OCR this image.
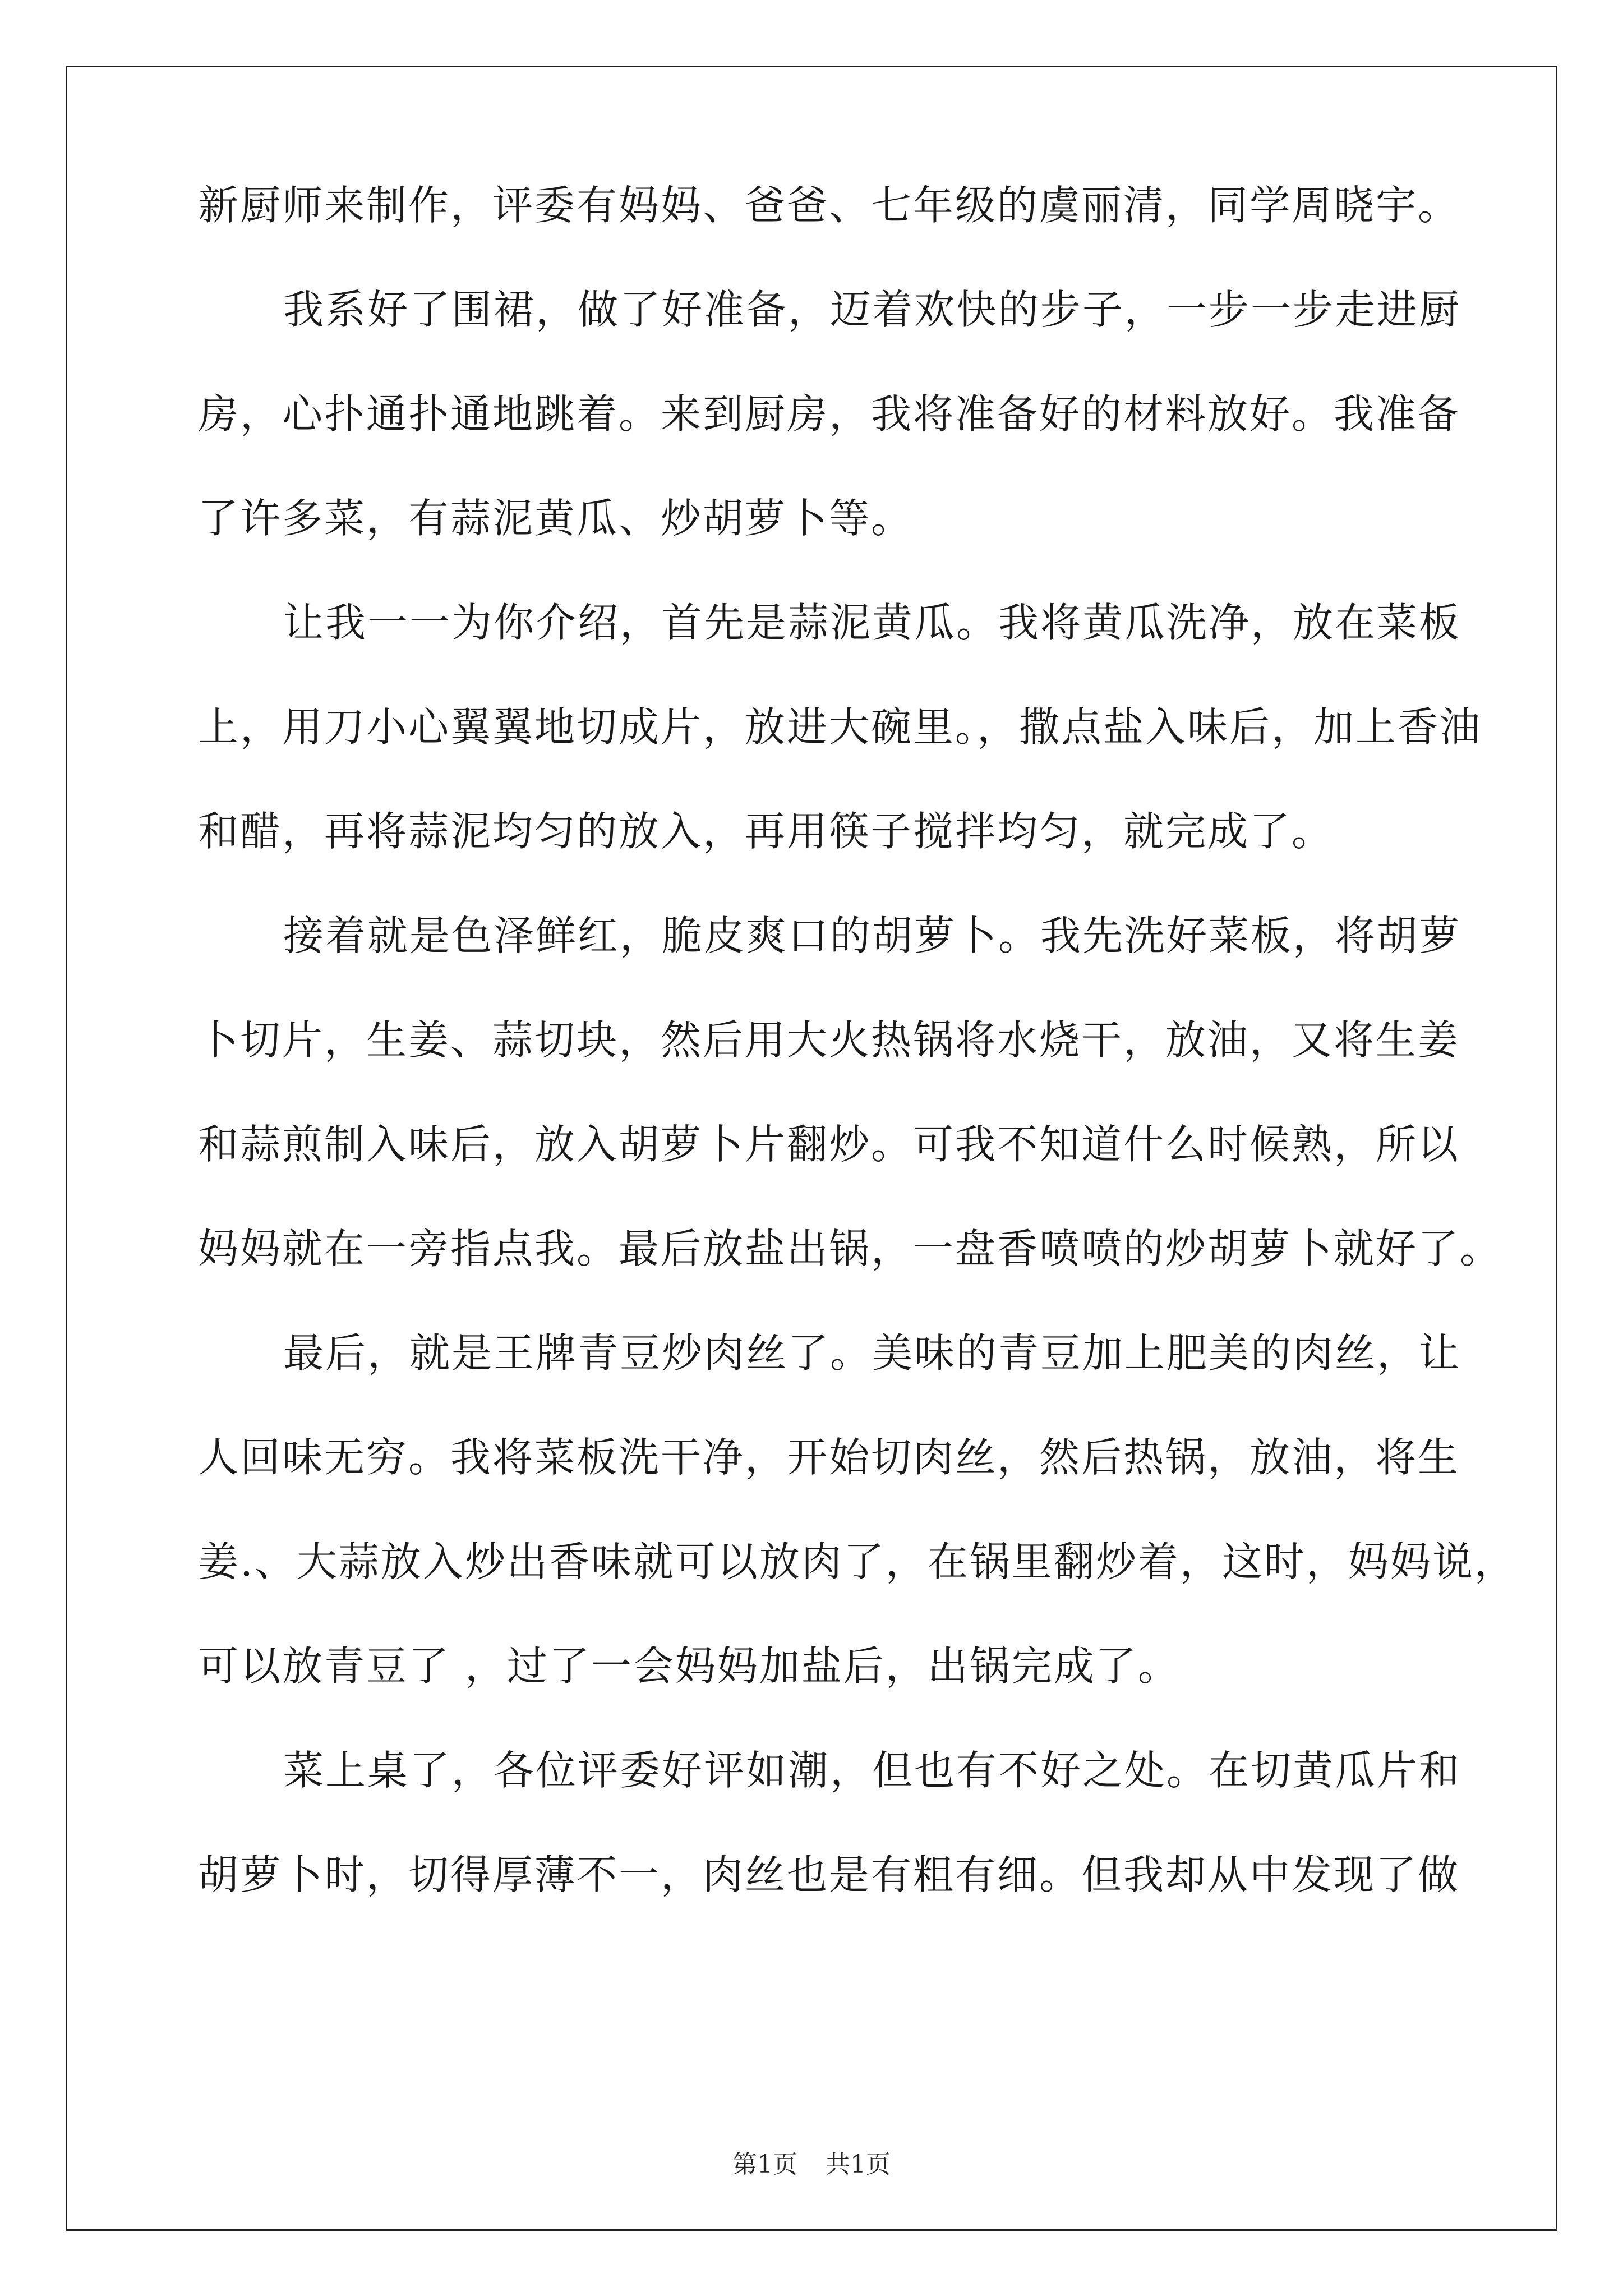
新厨师来制作，评委有妈妈、爸爸、七年级的虞丽清，同学周晓宇。
我系好了围裙，做了好准备，迈着欢快的步子，一步一步走进厨
房，心扑通扑通地跳着。来到厨房，我将准备好的材料放好。我准备
了许多菜，有蒜泥黄瓜、炒胡萝卜等。
让我一一为你介绍，首先是蒜泥黄瓜。我将黄瓜洗净，放在菜板
上，用刀小心翼翼地切成片，放进大碗里。，撒点盐入味后，加上香油
和醋，再将蒜泥均匀的放入，再用筷子搅拌均匀，就完成了。
接着就是色泽鲜红，脆皮爽口的胡萝卜。我先洗好菜板，将胡萝
卜切片，生姜、蒜切块，然后用大火热锅将水烧干，放油，又将生姜
和蒜煎制入味后，放入胡萝卜片翻炒。可我不知道什么时候熟，所以
妈妈就在一旁指点我。最后放盐出锅，一盘香喷喷的炒胡萝卜就好了。
最后，就是王牌青豆炒肉丝了。美味的青豆加上肥美的肉丝，让
人回味无穷。我将菜板洗干净，开始切肉丝，然后热锅，放油，将生
姜.、大蒜放入炒出香味就可以放肉了，在锅里翻炒着，这时，妈妈说，
可以放青豆了 ，过了一会妈妈加盐后，出锅完成了。
菜上桌了，各位评委好评如潮，但也有不好之处。在切黄瓜片和
胡萝卜时，切得厚薄不一，肉丝也是有粗有细。但我却从中发现了做
第1页 共1页
